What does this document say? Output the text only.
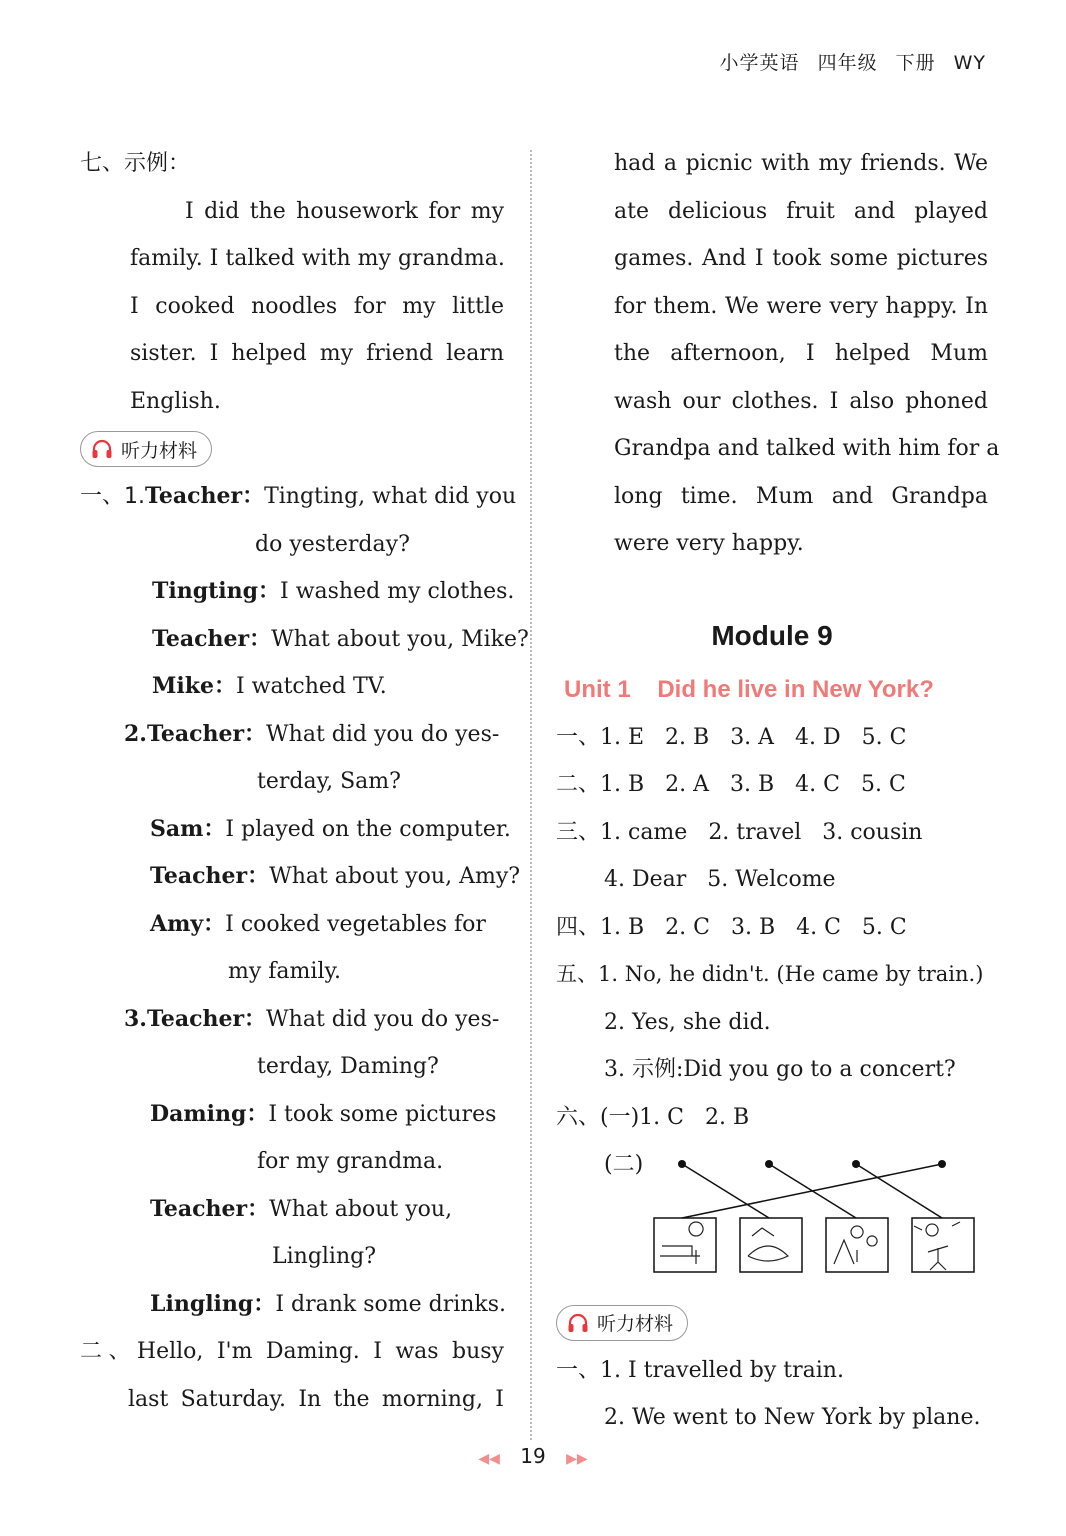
小学英语 四年级 下册 WY
七、示例：
I did the housework for my
family. I talked with my grandma.
I cooked noodles for my little
sister. I helped my friend learn
English.
听力材料
一、1.Teacher：Tingting, what did you
do yesterday?
Tingting：I washed my clothes.
Teacher：What about you, Mike?
Mike：I watched TV.
2.Teacher：What did you do yes-
terday, Sam?
Sam：I played on the computer.
Teacher：What about you, Amy?
Amy：I cooked vegetables for
my family.
3.Teacher：What did you do yes-
terday, Daming?
Daming：I took some pictures
for my grandma.
Teacher：What about you,
Lingling?
Lingling：I drank some drinks.
二、Hello, I'm Daming. I was busy
last Saturday. In the morning, I
had a picnic with my friends. We
ate delicious fruit and played
games. And I took some pictures
for them. We were very happy. In
the afternoon, I helped Mum
wash our clothes. I also phoned
Grandpa and talked with him for a
long time. Mum and Grandpa
were very happy.
Module 9
Unit 1    Did he live in New York?
一、1. E 2. B 3. A 4. D 5. C
二、1. B 2. A 3. B 4. C 5. C
三、1. came 2. travel 3. cousin
4. Dear 5. Welcome
四、1. B 2. C 3. B 4. C 5. C
五、1. No, he didn't. (He came by train.)
2. Yes, she did.
3. 示例:Did you go to a concert?
六、(一)1. C   2. B
(二)
听力材料
一、1. I travelled by train.
2. We went to New York by plane.
◀◀ 19 ▶▶
